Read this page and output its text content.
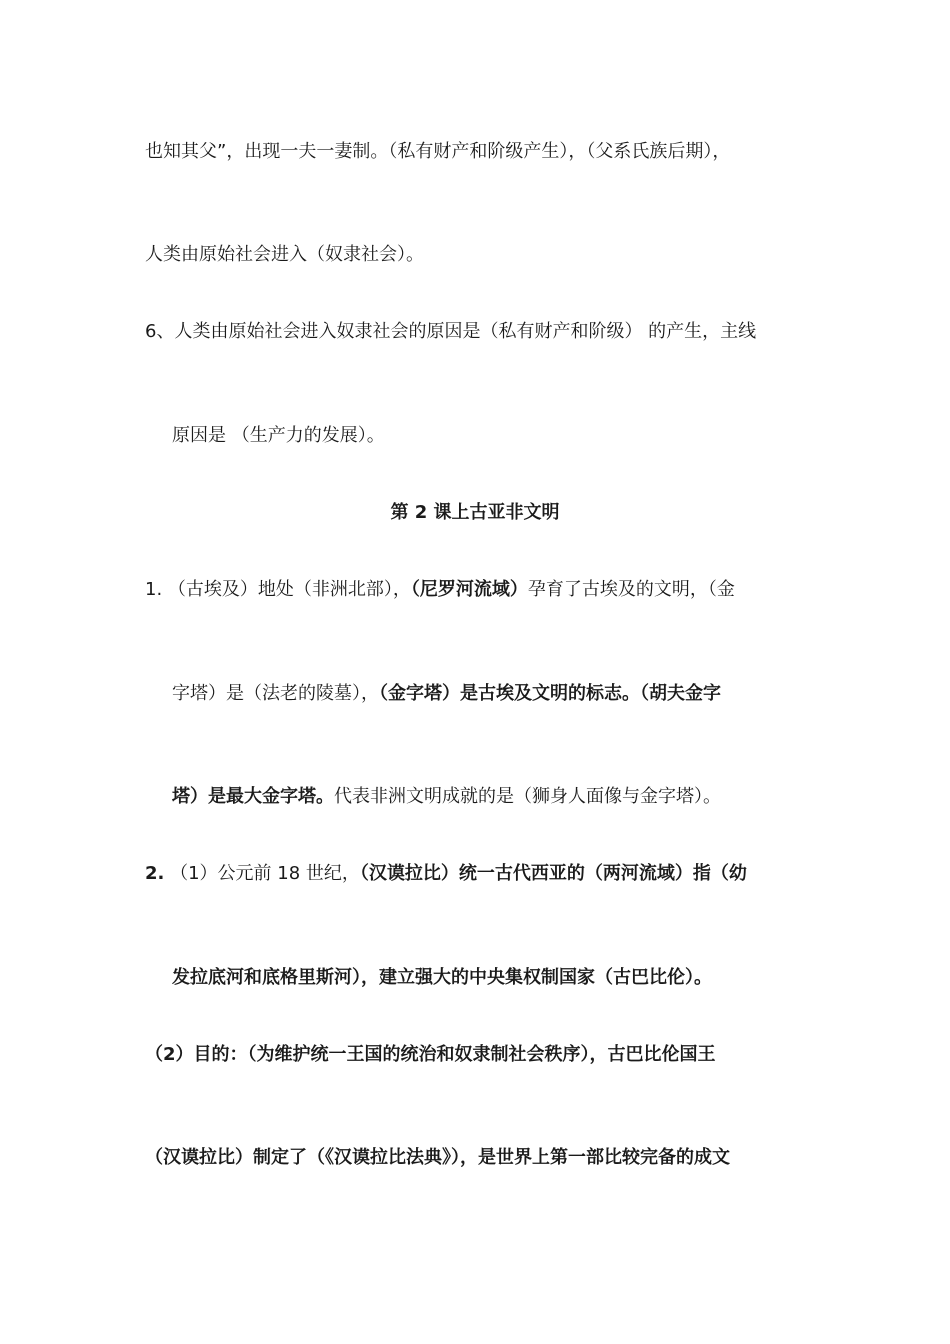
也知其父”，出现一夫一妻制。（私有财产和阶级产生），（父系氏族后期），
人类由原始社会进入（奴隶社会）。
6、人类由原始社会进入奴隶社会的原因是（私有财产和阶级） 的产生，主线
原因是 （生产力的发展）。
第 2 课上古亚非文明
1. （古埃及）地处（非洲北部），（尼罗河流域）孕育了古埃及的文明，（金
字塔）是（法老的陵墓），（金字塔）是古埃及文明的标志。（胡夫金字
塔）是最大金字塔。代表非洲文明成就的是（狮身人面像与金字塔）。
2. （1）公元前 18 世纪，（汉谟拉比）统一古代西亚的（两河流域）指（幼
发拉底河和底格里斯河），建立强大的中央集权制国家（古巴比伦）。
（2）目的：（为维护统一王国的统治和奴隶制社会秩序），古巴比伦国王
（汉谟拉比）制定了（《汉谟拉比法典》），是世界上第一部比较完备的成文
